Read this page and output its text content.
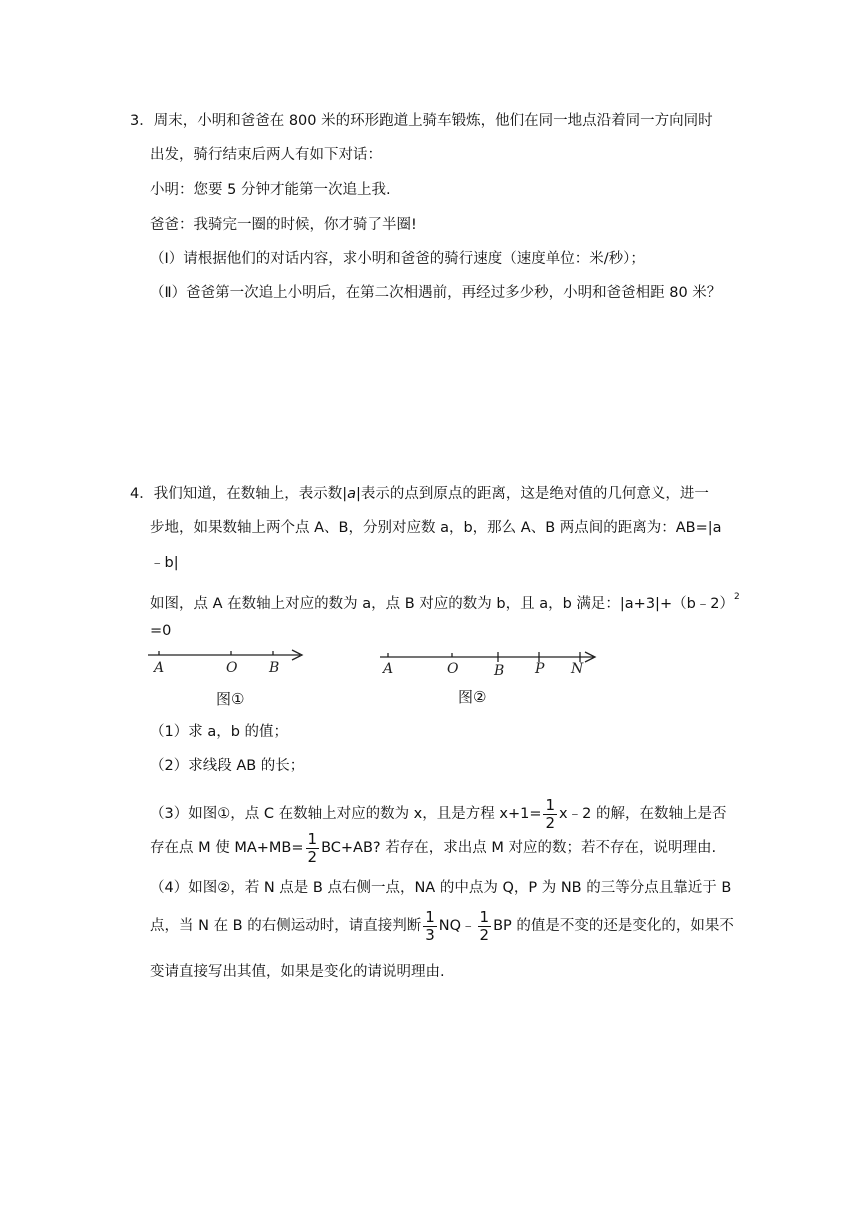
3．周末，小明和爸爸在 800 米的环形跑道上骑车锻炼，他们在同一地点沿着同一方向同时
出发，骑行结束后两人有如下对话：
小明：您要 5 分钟才能第一次追上我.
爸爸：我骑完一圈的时候，你才骑了半圈!
（Ⅰ）请根据他们的对话内容，求小明和爸爸的骑行速度（速度单位：米/秒）；
（Ⅱ）爸爸第一次追上小明后，在第二次相遇前，再经过多少秒，小明和爸爸相距 80 米？
4．我们知道，在数轴上，表示数|a|表示的点到原点的距离，这是绝对值的几何意义，进一
步地，如果数轴上两个点 A、B，分别对应数 a，b，那么 A、B 两点间的距离为：AB=|a
﹣b|
如图，点 A 在数轴上对应的数为 a，点 B 对应的数为 b，且 a，b 满足：|a+3|+（b﹣2）$^2$
=0
A	O B
图①
A	O	B P N
图②
（1）求 a，b 的值；
（2）求线段 AB 的长；
（3）如图①，点 C 在数轴上对应的数为 x，且是方程 $x+1= \frac{1}{2}$ x﹣2 的解，在数轴上是否
存在点 M 使 $MA+MB= \frac{1}{2} BC+AB$? 若存在，求出点 M 对应的数；若不存在，说明理由.
（4）如图②，若 N 点是 B 点右侧一点，NA 的中点为 Q，P 为 NB 的三等分点且靠近于 B
点，当 N 在 B 的右侧运动时，请直接判断 $\frac{1}{3}$ NQ﹣ $\frac{1}{2}$ BP 的值是不变的还是变化的，如果不
变请直接写出其值，如果是变化的请说明理由.
